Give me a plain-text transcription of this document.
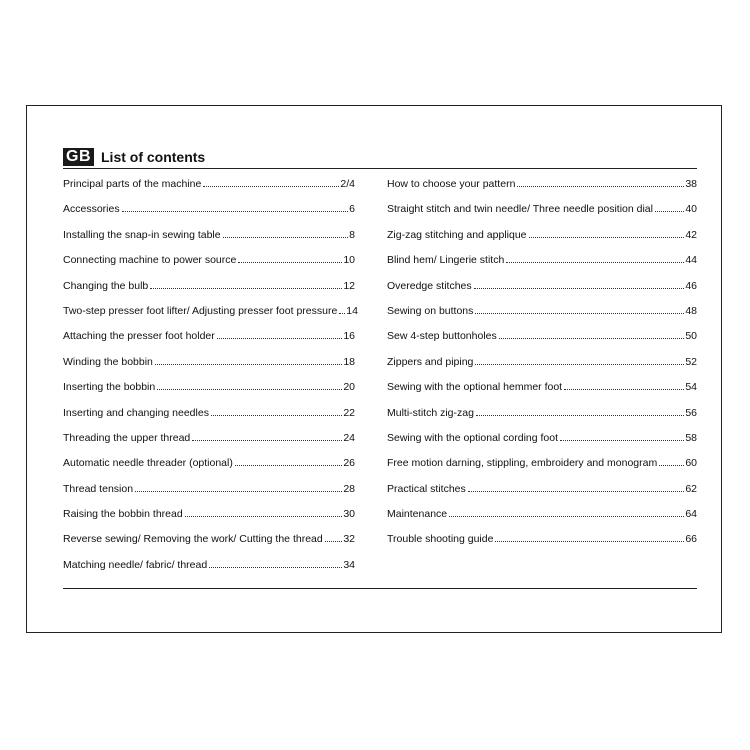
GB List of contents
Principal parts of the machine	2/4
Accessories	6
Installing the snap-in sewing table	8
Connecting machine to power source	10
Changing the bulb	12
Two-step presser foot lifter/ Adjusting presser foot pressure 14
Attaching the presser foot holder	16
Winding the bobbin	18
Inserting the bobbin	20
Inserting and changing needles	22
Threading the upper thread	24
Automatic needle threader (optional)	26
Thread tension	28
Raising the bobbin thread	30
Reverse sewing/ Removing the work/ Cutting the thread 32
Matching needle/ fabric/ thread	34
How to choose your pattern	38
Straight stitch and twin needle/ Three needle position dial	40
Zig-zag stitching and applique	42
Blind hem/ Lingerie stitch	44
Overedge stitches	46
Sewing on buttons	48
Sew 4-step buttonholes	50
Zippers and piping	52
Sewing with the optional hemmer foot	54
Multi-stitch zig-zag	56
Sewing with the optional cording foot	58
Free motion darning, stippling, embroidery and monogram	60
Practical stitches	62
Maintenance	64
Trouble shooting guide	66
